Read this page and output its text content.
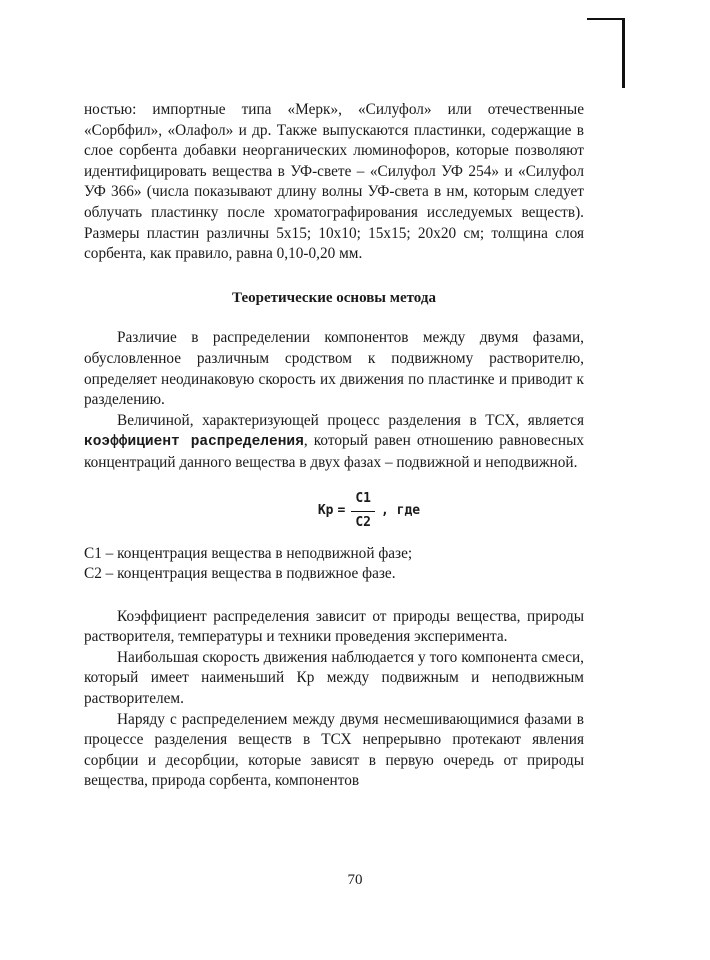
ностью: импортные типа «Мерк», «Силуфол» или отечественные «Сорбфил», «Олафол» и др. Также выпускаются пластинки, содержащие в слое сорбента добавки неорганических люминофоров, которые позволяют идентифицировать вещества в УФ-свете – «Силуфол УФ 254» и «Силуфол УФ 366» (числа показывают длину волны УФ-света в нм, которым следует облучать пластинку после хроматографирования исследуемых веществ). Размеры пластин различны 5х15; 10х10; 15х15; 20х20 см; толщина слоя сорбента, как правило, равна 0,10-0,20 мм.

Теоретические основы метода

Различие в распределении компонентов между двумя фазами, обусловленное различным сродством к подвижному растворителю, определяет неодинаковую скорость их движения по пластинке и приводит к разделению.

Величиной, характеризующей процесс разделения в ТСХ, является коэффициент распределения, который равен отношению равновесных концентраций данного вещества в двух фазах – подвижной и неподвижной.

Кр = $\frac{С1}{С2}$ , где

С1 – концентрация вещества в неподвижной фазе;

С2 – концентрация вещества в подвижное фазе.

Коэффициент распределения зависит от природы вещества, природы растворителя, температуры и техники проведения эксперимента.

Наибольшая скорость движения наблюдается у того компонента смеси, который имеет наименьший Кр между подвижным и неподвижным растворителем.

Наряду с распределением между двумя несмешивающимися фазами в процессе разделения веществ в ТСХ непрерывно протекают явления сорбции и десорбции, которые зависят в первую очередь от природы вещества, природа сорбента, компонентов

70
